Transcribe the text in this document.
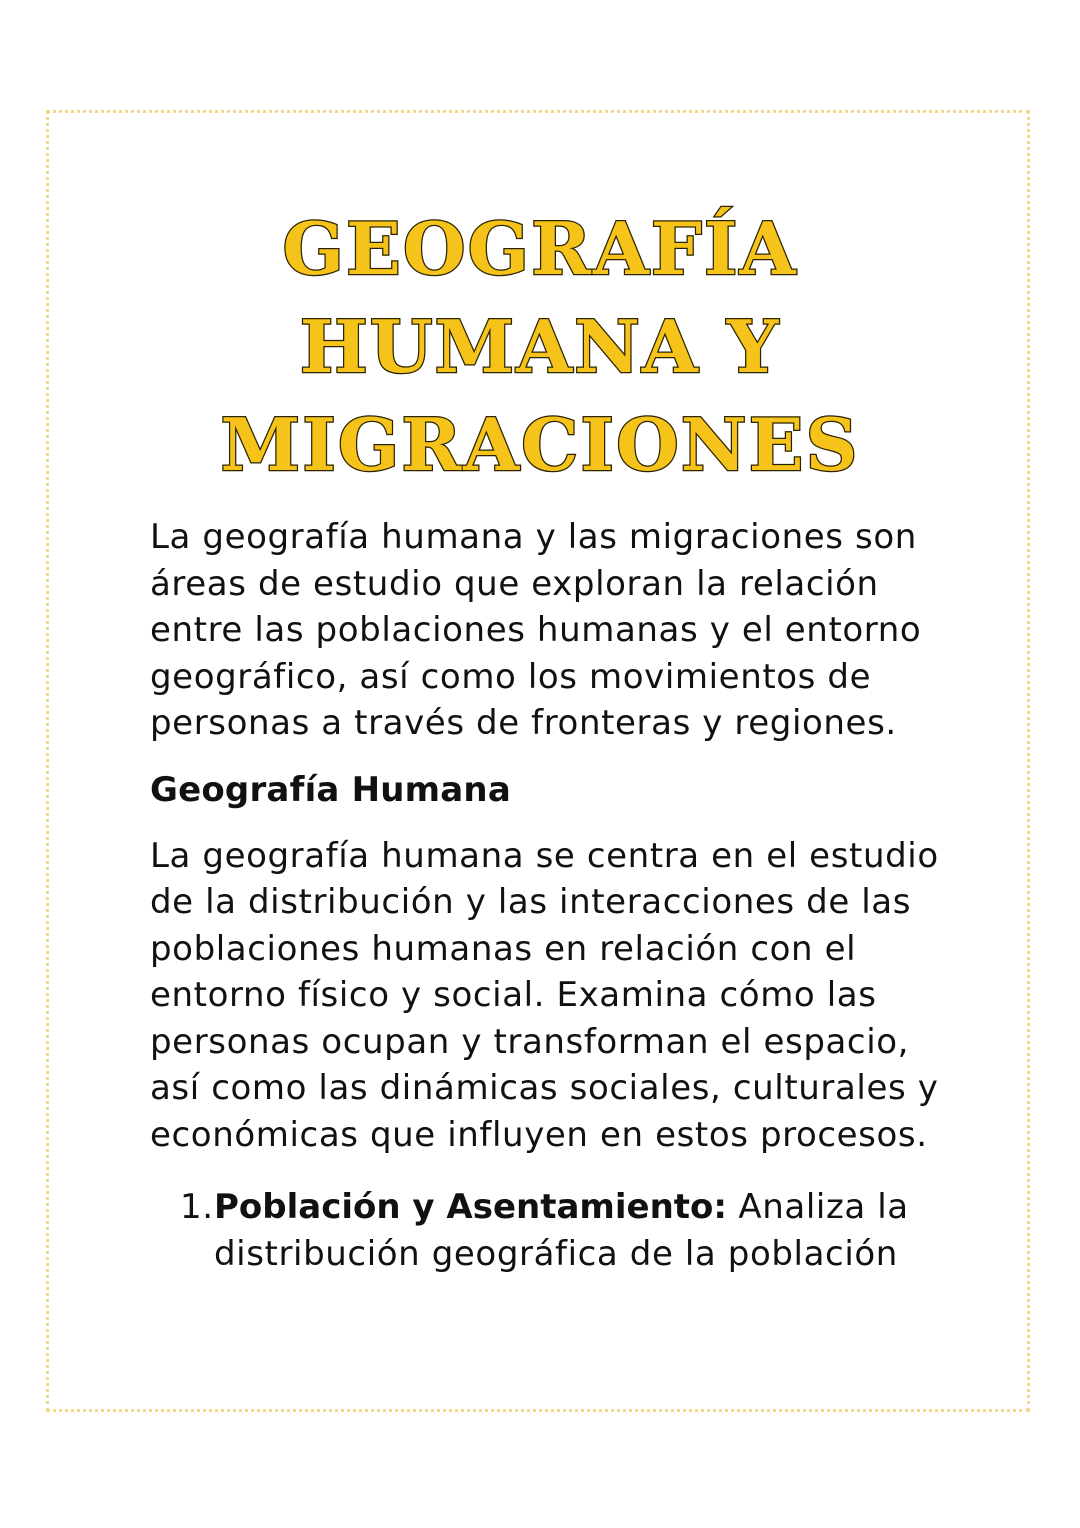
GEOGRAFÍA
HUMANA Y
MIGRACIONES

La geografía humana y las migraciones son áreas de estudio que exploran la relación entre las poblaciones humanas y el entorno geográfico, así como los movimientos de personas a través de fronteras y regiones.

Geografía Humana

La geografía humana se centra en el estudio de la distribución y las interacciones de las poblaciones humanas en relación con el entorno físico y social. Examina cómo las personas ocupan y transforman el espacio, así como las dinámicas sociales, culturales y económicas que influyen en estos procesos.

1. Población y Asentamiento: Analiza la distribución geográfica de la población
